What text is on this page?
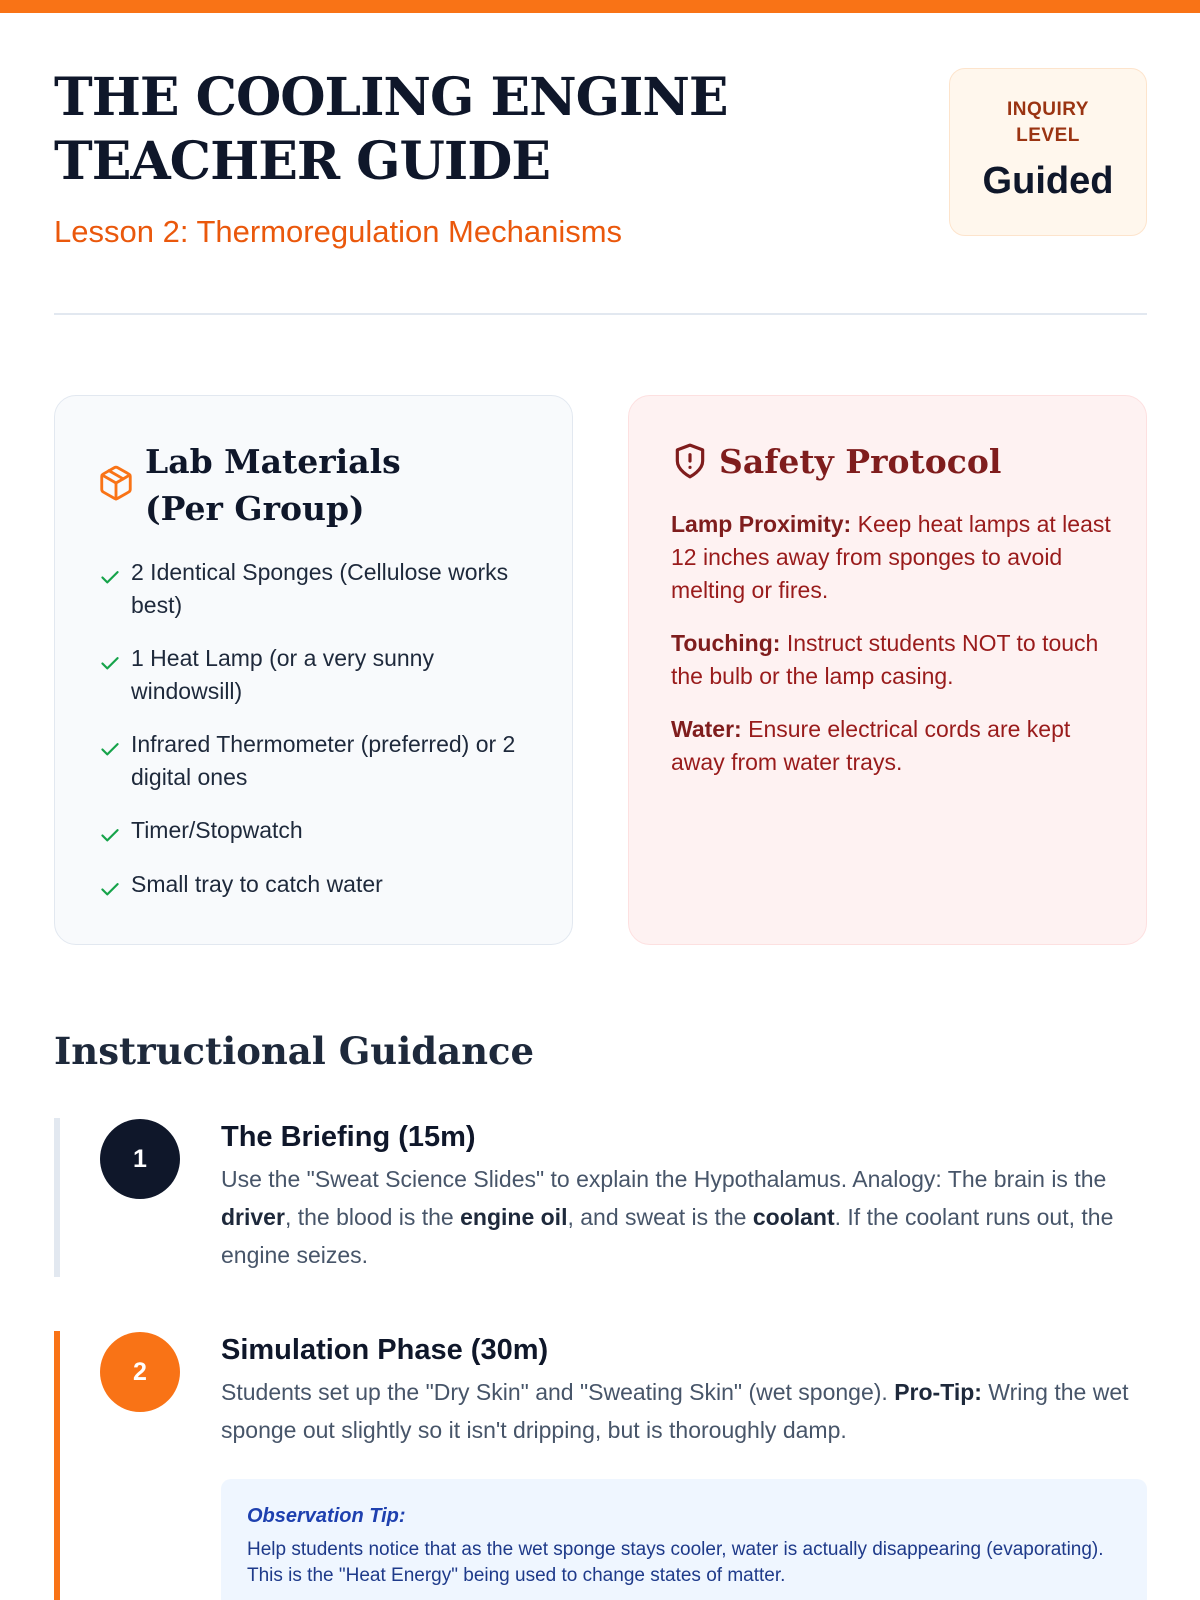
THE COOLING ENGINE
TEACHER GUIDE
Lesson 2: Thermoregulation Mechanisms
INQUIRY
LEVEL
Guided
Lab Materials (Per Group)
2 Identical Sponges (Cellulose works best)
1 Heat Lamp (or a very sunny windowsill)
Infrared Thermometer (preferred) or 2 digital ones
Timer/Stopwatch
Small tray to catch water
Safety Protocol

Lamp Proximity: Keep heat lamps at least 12 inches away from sponges to avoid melting or fires.

Touching: Instruct students NOT to touch the bulb or the lamp casing.

Water: Ensure electrical cords are kept away from water trays.

Instructional Guidance
1
The Briefing (15m)
Use the "Sweat Science Slides" to explain the Hypothalamus. Analogy: The brain is the driver, the blood is the engine oil, and sweat is the coolant. If the coolant runs out, the engine seizes.
2
Simulation Phase (30m)
Students set up the "Dry Skin" and "Sweating Skin" (wet sponge). Pro-Tip: Wring the wet sponge out slightly so it isn't dripping, but is thoroughly damp.
Observation Tip:
Help students notice that as the wet sponge stays cooler, water is actually disappearing (evaporating). This is the "Heat Energy" being used to change states of matter.
